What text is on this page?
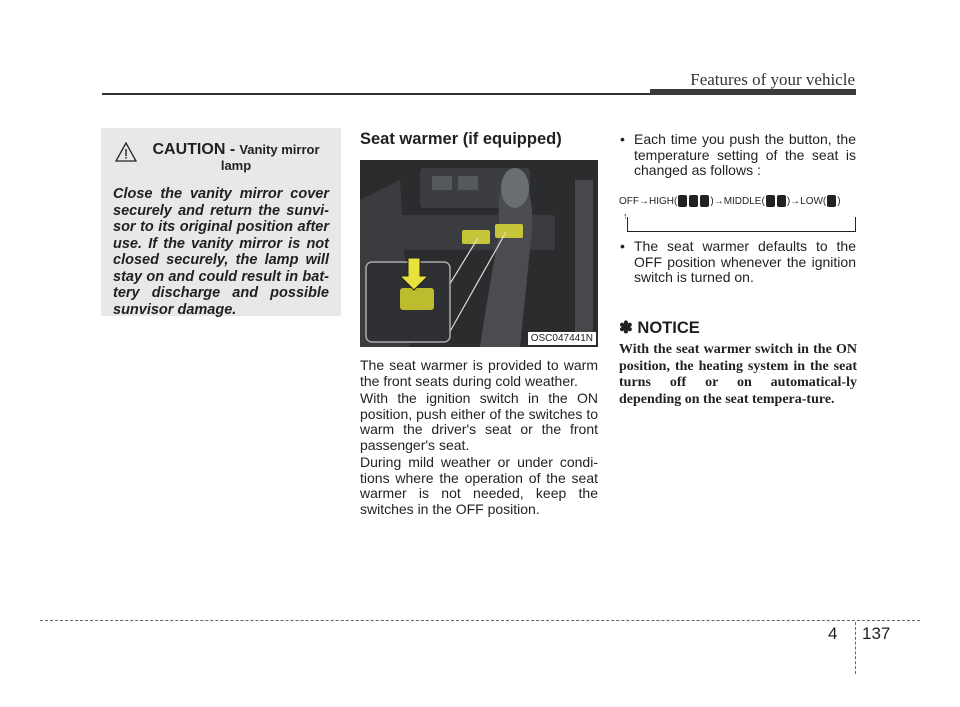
Features of your vehicle
CAUTION - Vanity mirror lamp
Close the vanity mirror cover securely and return the sunvi-sor to its original position after use. If the vanity mirror is not closed securely, the lamp will stay on and could result in bat-tery discharge and possible sunvisor damage.
Seat warmer (if equipped)
OSC047441N

The seat warmer is provided to warm the front seats during cold weather.

With the ignition switch in the ON position, push either of the switches to warm the driver's seat or the front passenger's seat.

During mild weather or under condi-tions where the operation of the seat warmer is not needed, keep the switches in the OFF position.

• Each time you push the button, the temperature setting of the seat is changed as follows :
OFF → HIGH(	) → MIDDLE( ) → LOW( )
↑
• The seat warmer defaults to the OFF position whenever the ignition switch is turned on.
✽ NOTICE

With the seat warmer switch in the ON position, the heating system in the seat turns off or on automatical-ly depending on the seat tempera-ture.

4 137
